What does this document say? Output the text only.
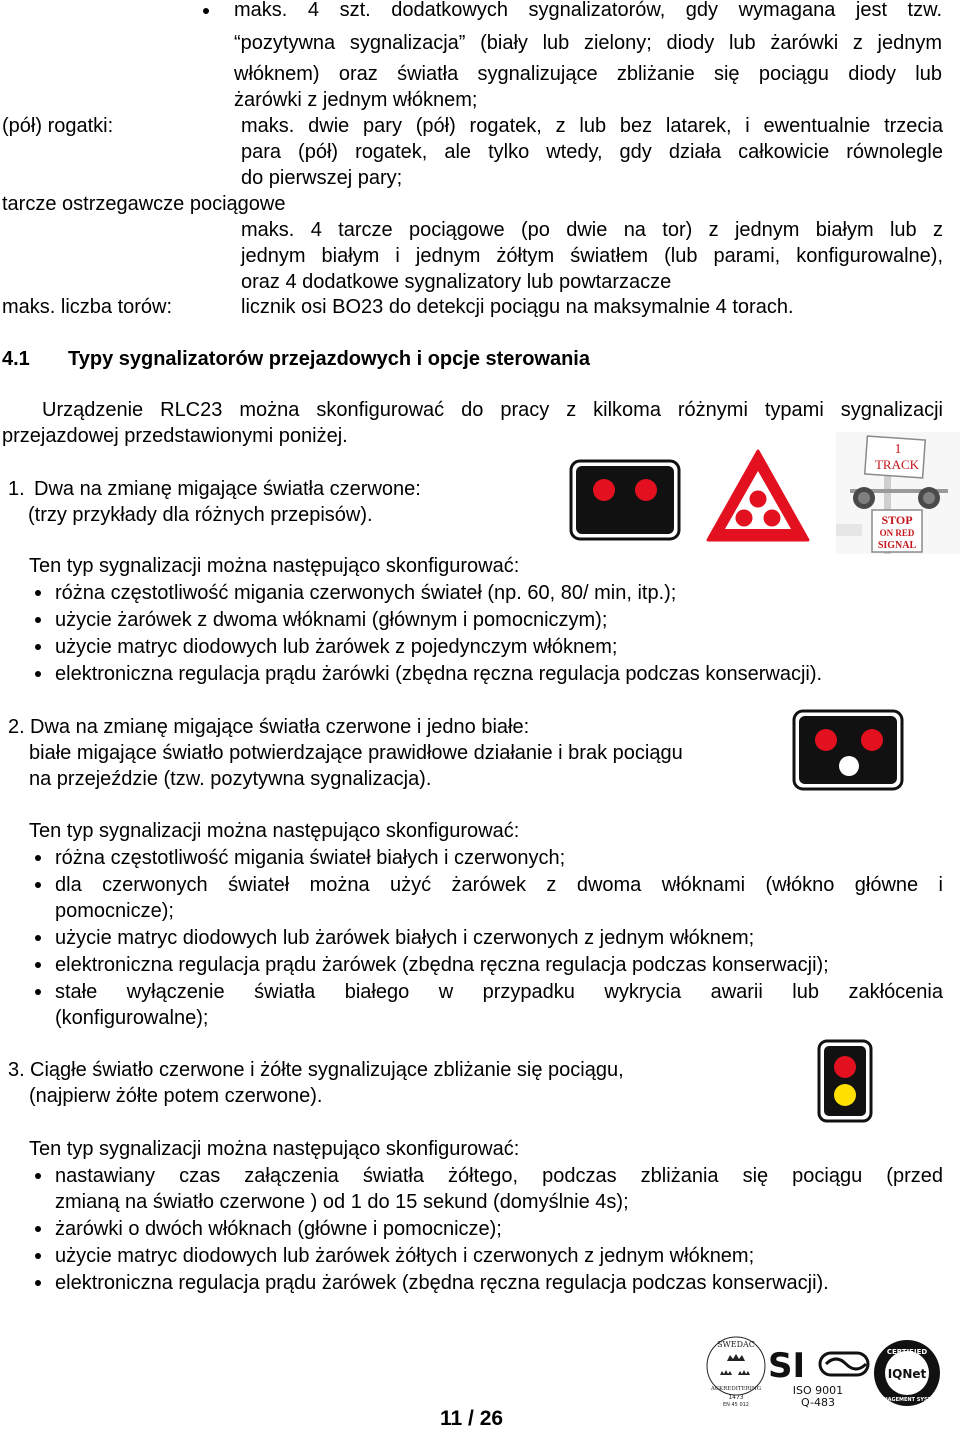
maks. 4 szt. dodatkowych sygnalizatorów, gdy wymagana jest tzw.
“pozytywna sygnalizacja” (biały lub zielony; diody lub żarówki z jednym
włóknem) oraz światła sygnalizujące zbliżanie się pociągu diody lub
żarówki z jednym włóknem;
(pół) rogatki:	maks. dwie pary (pół) rogatek, z lub bez latarek, i ewentualnie trzecia
para (pół) rogatek, ale tylko wtedy, gdy działa całkowicie równolegle
do pierwszej pary;
tarcze ostrzegawcze pociągowe
maks. 4 tarcze pociągowe (po dwie na tor) z jednym białym lub z
jednym białym i jednym żółtym światłem (lub parami, konfigurowalne),
oraz 4 dodatkowe sygnalizatory lub powtarzacze
maks. liczba torów:	licznik osi BO23 do detekcji pociągu na maksymalnie 4 torach.
4.1 Typy sygnalizatorów przejazdowych i opcje sterowania
Urządzenie RLC23 można skonfigurować do pracy z kilkoma różnymi typami sygnalizacji
przejazdowej przedstawionymi poniżej.
1. Dwa na zmianę migające światła czerwone:
(trzy przykłady dla różnych przepisów).
1
TRACK
STOP
ON RED
SIGNAL
Ten typ sygnalizacji można następująco skonfigurować:
różna częstotliwość migania czerwonych świateł (np. 60, 80/ min, itp.);
użycie żarówek z dwoma włóknami (głównym i pomocniczym);
użycie matryc diodowych lub żarówek z pojedynczym włóknem;
elektroniczna regulacja prądu żarówki (zbędna ręczna regulacja podczas konserwacji).
2. Dwa na zmianę migające światła czerwone i jedno białe:
białe migające światło potwierdzające prawidłowe działanie i brak pociągu
na przejeździe (tzw. pozytywna sygnalizacja).
Ten typ sygnalizacji można następująco skonfigurować:
różna częstotliwość migania świateł białych i czerwonych;
dla czerwonych świateł można użyć żarówek z dwoma włóknami (włókno główne i
pomocnicze);
użycie matryc diodowych lub żarówek białych i czerwonych z jednym włóknem;
elektroniczna regulacja prądu żarówek (zbędna ręczna regulacja podczas konserwacji);
stałe wyłączenie światła białego w przypadku wykrycia awarii lub zakłócenia
(konfigurowalne);
3. Ciągłe światło czerwone i żółte sygnalizujące zbliżanie się pociągu,
(najpierw żółte potem czerwone).
Ten typ sygnalizacji można następująco skonfigurować:
nastawiany czas załączenia światła żółtego, podczas zbliżania się pociągu (przed
zmianą na światło czerwone ) od 1 do 15 sekund (domyślnie 4s);
żarówki o dwóch włóknach (główne i pomocnicze);
użycie matryc diodowych lub żarówek żółtych i czerwonych z jednym włóknem;
elektroniczna regulacja prądu żarówek (zbędna ręczna regulacja podczas konserwacji).
11 / 26
SWEDAC
ACKREDITERING
1473
EN 45 012
SI
ISO 9001
Q-483
CERTIFIED
IQNet
MANAGEMENT SYSTEM
